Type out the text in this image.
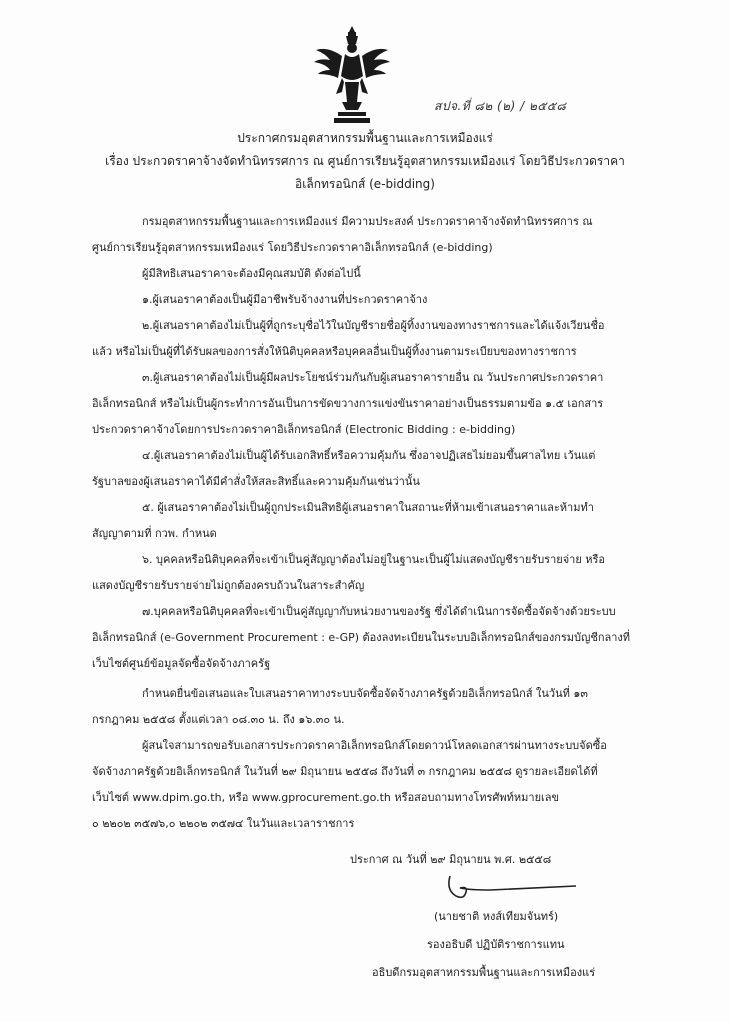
สปจ.ที่ ๘๒ (๒) / ๒๕๕๘
ประกาศกรมอุตสาหกรรมพื้นฐานและการเหมืองแร่
เรื่อง ประกวดราคาจ้างจัดทำนิทรรศการ ณ ศูนย์การเรียนรู้อุตสาหกรรมเหมืองแร่ โดยวิธีประกวดราคา
อิเล็กทรอนิกส์ (e-bidding)

กรมอุตสาหกรรมพื้นฐานและการเหมืองแร่ มีความประสงค์ ประกวดราคาจ้างจัดทำนิทรรศการ ณ

ศูนย์การเรียนรู้อุตสาหกรรมเหมืองแร่ โดยวิธีประกวดราคาอิเล็กทรอนิกส์ (e-bidding)

ผู้มีสิทธิเสนอราคาจะต้องมีคุณสมบัติ ดังต่อไปนี้

๑.ผู้เสนอราคาต้องเป็นผู้มีอาชีพรับจ้างงานที่ประกวดราคาจ้าง

๒.ผู้เสนอราคาต้องไม่เป็นผู้ที่ถูกระบุชื่อไว้ในบัญชีรายชื่อผู้ทิ้งงานของทางราชการและได้แจ้งเวียนชื่อ

แล้ว หรือไม่เป็นผู้ที่ได้รับผลของการสั่งให้นิติบุคคลหรือบุคคลอื่นเป็นผู้ทิ้งงานตามระเบียบของทางราชการ

๓.ผู้เสนอราคาต้องไม่เป็นผู้มีผลประโยชน์ร่วมกันกับผู้เสนอราคารายอื่น ณ วันประกาศประกวดราคา

อิเล็กทรอนิกส์ หรือไม่เป็นผู้กระทำการอันเป็นการขัดขวางการแข่งขันราคาอย่างเป็นธรรมตามข้อ ๑.๕ เอกสาร

ประกวดราคาจ้างโดยการประกวดราคาอิเล็กทรอนิกส์ (Electronic Bidding : e-bidding)

๔.ผู้เสนอราคาต้องไม่เป็นผู้ได้รับเอกสิทธิ์หรือความคุ้มกัน ซึ่งอาจปฏิเสธไม่ยอมขึ้นศาลไทย เว้นแต่

รัฐบาลของผู้เสนอราคาได้มีคำสั่งให้สละสิทธิ์และความคุ้มกันเช่นว่านั้น

๕. ผู้เสนอราคาต้องไม่เป็นผู้ถูกประเมินสิทธิผู้เสนอราคาในสถานะที่ห้ามเข้าเสนอราคาและห้ามทำ

สัญญาตามที่ กวพ. กำหนด

๖. บุคคลหรือนิติบุคคลที่จะเข้าเป็นคู่สัญญาต้องไม่อยู่ในฐานะเป็นผู้ไม่แสดงบัญชีรายรับรายจ่าย หรือ

แสดงบัญชีรายรับรายจ่ายไม่ถูกต้องครบถ้วนในสาระสำคัญ

๗.บุคคลหรือนิติบุคคลที่จะเข้าเป็นคู่สัญญากับหน่วยงานของรัฐ ซึ่งได้ดำเนินการจัดซื้อจัดจ้างด้วยระบบ

อิเล็กทรอนิกส์ (e-Government Procurement : e-GP) ต้องลงทะเบียนในระบบอิเล็กทรอนิกส์ของกรมบัญชีกลางที่

เว็บไซต์ศูนย์ข้อมูลจัดซื้อจัดจ้างภาครัฐ

กำหนดยื่นข้อเสนอและใบเสนอราคาทางระบบจัดซื้อจัดจ้างภาครัฐด้วยอิเล็กทรอนิกส์ ในวันที่ ๑๓

กรกฎาคม ๒๕๕๘ ตั้งแต่เวลา ๐๘.๓๐ น. ถึง ๑๖.๓๐ น.

ผู้สนใจสามารถขอรับเอกสารประกวดราคาอิเล็กทรอนิกส์โดยดาวน์โหลดเอกสารผ่านทางระบบจัดซื้อ

จัดจ้างภาครัฐด้วยอิเล็กทรอนิกส์ ในวันที่ ๒๙ มิถุนายน ๒๕๕๘ ถึงวันที่ ๓ กรกฎาคม ๒๕๕๘ ดูรายละเอียดได้ที่

เว็บไซต์ www.dpim.go.th, หรือ www.gprocurement.go.th หรือสอบถามทางโทรศัพท์หมายเลข

๐ ๒๒๐๒ ๓๕๗๖,๐ ๒๒๐๒ ๓๕๗๔ ในวันและเวลาราชการ

ประกาศ ณ วันที่ ๒๙ มิถุนายน พ.ศ. ๒๕๕๘
(นายชาติ หงส์เทียมจันทร์)
รองอธิบดี ปฏิบัติราชการแทน
อธิบดีกรมอุตสาหกรรมพื้นฐานและการเหมืองแร่
